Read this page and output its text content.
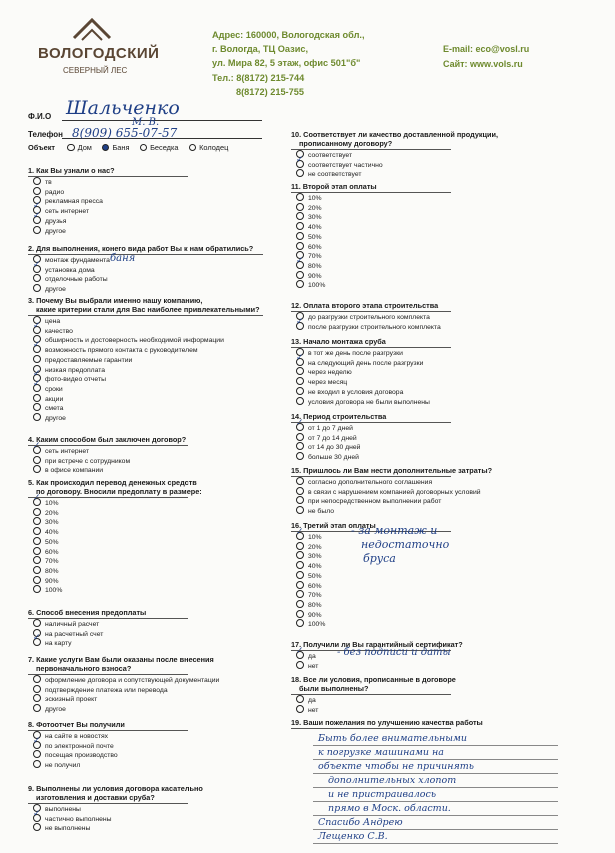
ВОЛОГОДСКИЙ
СЕВЕРНЫЙ ЛЕС
Адрес: 160000, Вологодская обл.,
г. Вологда, ТЦ Оазис,
ул. Мира 82, 5 этаж, офис 501"б"
Тел.: 8(8172) 215-744
8(8172) 215-755
E-mail: eco@vosl.ru
Сайт: www.vols.ru
Ф.И.О Шальченко
М. В.
Телефон 8(909) 655-07-57
Объект	Дом	Баня	Беседка	Колодец
1. Как Вы узнали о нас?
тв
радио
рекламная пресса
✓сеть интернет
✓друзья
другое
2. Для выполнения, конего вида работ Вы к нам обратились?
монтаж фундамента
✓установка дома
отделочные работы
другое
баня
3. Почему Вы выбрали именно нашу компанию,
какие критерии стали для Вас наиболее привлекательными?
цена
✓качество
обширность и достоверность необходимой информации
✓возможность прямого контакта с руководителем
предоставляемые гарантии
низкая предоплата
✓фото-видео отчеты
✓сроки
акции
смета
другое
4. Каким способом был заключен договор?
✓сеть интернет
при встрече с сотрудником
в офисе компании
5. Как происходил перевод денежных средств
по договору. Вносили предоплату в размере:
✓10%
20%
30%
40%
50%
60%
70%
80%
90%
100%
6. Способ внесения предоплаты
наличный расчет
на расчетный счет
✓на карту
7. Какие услуги Вам были оказаны после внесения
первоначального взноса?
оформление договора и сопутствующей документации
подтверждение платежа или перевода
эскизный проект
другое
8. Фотоотчет Вы получили
на сайте в новостях
✓по электронной почте
посещая производство
не получил
9. Выполнены ли условия договора касательно
изготовления и доставки сруба?
выполнены
✓частично выполнены
не выполнены
10. Соответствует ли качество доставленной продукции,
прописанному договору?
соответствует
✓соответствует частично
не соответствует
11. Второй этап оплаты
10%
20%
30%
40%
50%
60%
70%
✓80%
90%
100%
12. Оплата второго этапа строительства
до разгрузки строительного комплекта
✓после разгрузки строительного комплекта
13. Начало монтажа сруба
в тот же день после разгрузки
✓на следующий день после разгрузки
через неделю
через месяц
не входил в условия договора
условия договора не были выполнены
14. Период строительства
✓от 1 до 7 дней
от 7 до 14 дней
от 14 до 30 дней
больше 30 дней
15. Пришлось ли Вам нести дополнительные затраты?
согласно дополнительного соглашения
в связи с нарушением компанией договорных условий
при непосредственном выполнении работ
не было
16. Третий этап оплаты
✓10%
20%
30%
40%
50%
60%
70%
80%
90%
100%
- за монтаж и
недостаточно
бруса
17. Получили ли Вы гарантийный сертификат?
✓да
нет
- без подписи и даты
18. Все ли условия, прописанные в договоре
были выполнены?
да
нет
19. Ваши пожелания по улучшению качества работы
Быть более внимательными
к погрузке машинами на
объекте чтобы не причинять
дополнительных хлопот
и не пристраивалось
прямо в Моск. области.
Спасибо Андрею
Лещенко С.В.
